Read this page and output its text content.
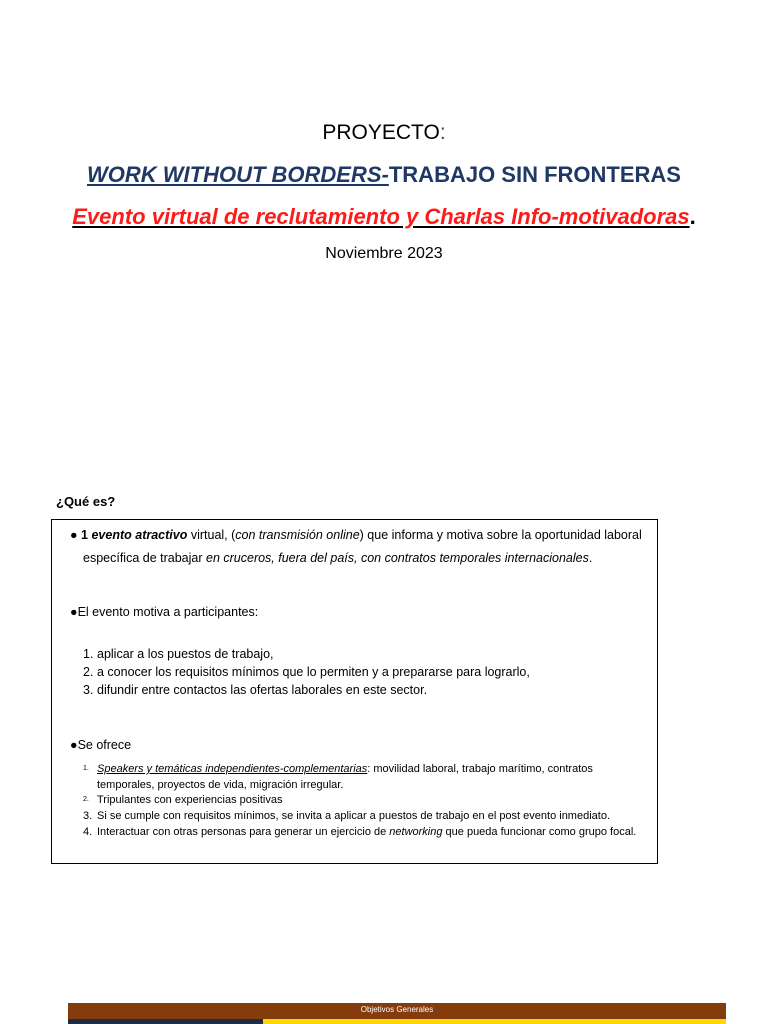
PROYECTO:
WORK WITHOUT BORDERS-TRABAJO SIN FRONTERAS
Evento virtual de reclutamiento y Charlas Info-motivadoras.
Noviembre 2023
¿Qué es?
● 1 evento atractivo virtual, (con transmisión online) que informa y motiva sobre la oportunidad laboral
específica de trabajar en cruceros, fuera del país, con contratos temporales internacionales.
●El evento motiva a participantes:
1. aplicar a los puestos de trabajo,
2. a conocer los requisitos mínimos que lo permiten y a prepararse para lograrlo,
3. difundir entre contactos las ofertas laborales en este sector.
●Se ofrece
1. Speakers y temáticas independientes-complementarias: movilidad laboral, trabajo marítimo, contratos
temporales, proyectos de vida, migración irregular.
2. Tripulantes con experiencias positivas
3. Si se cumple con requisitos mínimos, se invita a aplicar a puestos de trabajo en el post evento inmediato.
4. Interactuar con otras personas para generar un ejercicio de networking que pueda funcionar como grupo focal.
Objetivos Generales
